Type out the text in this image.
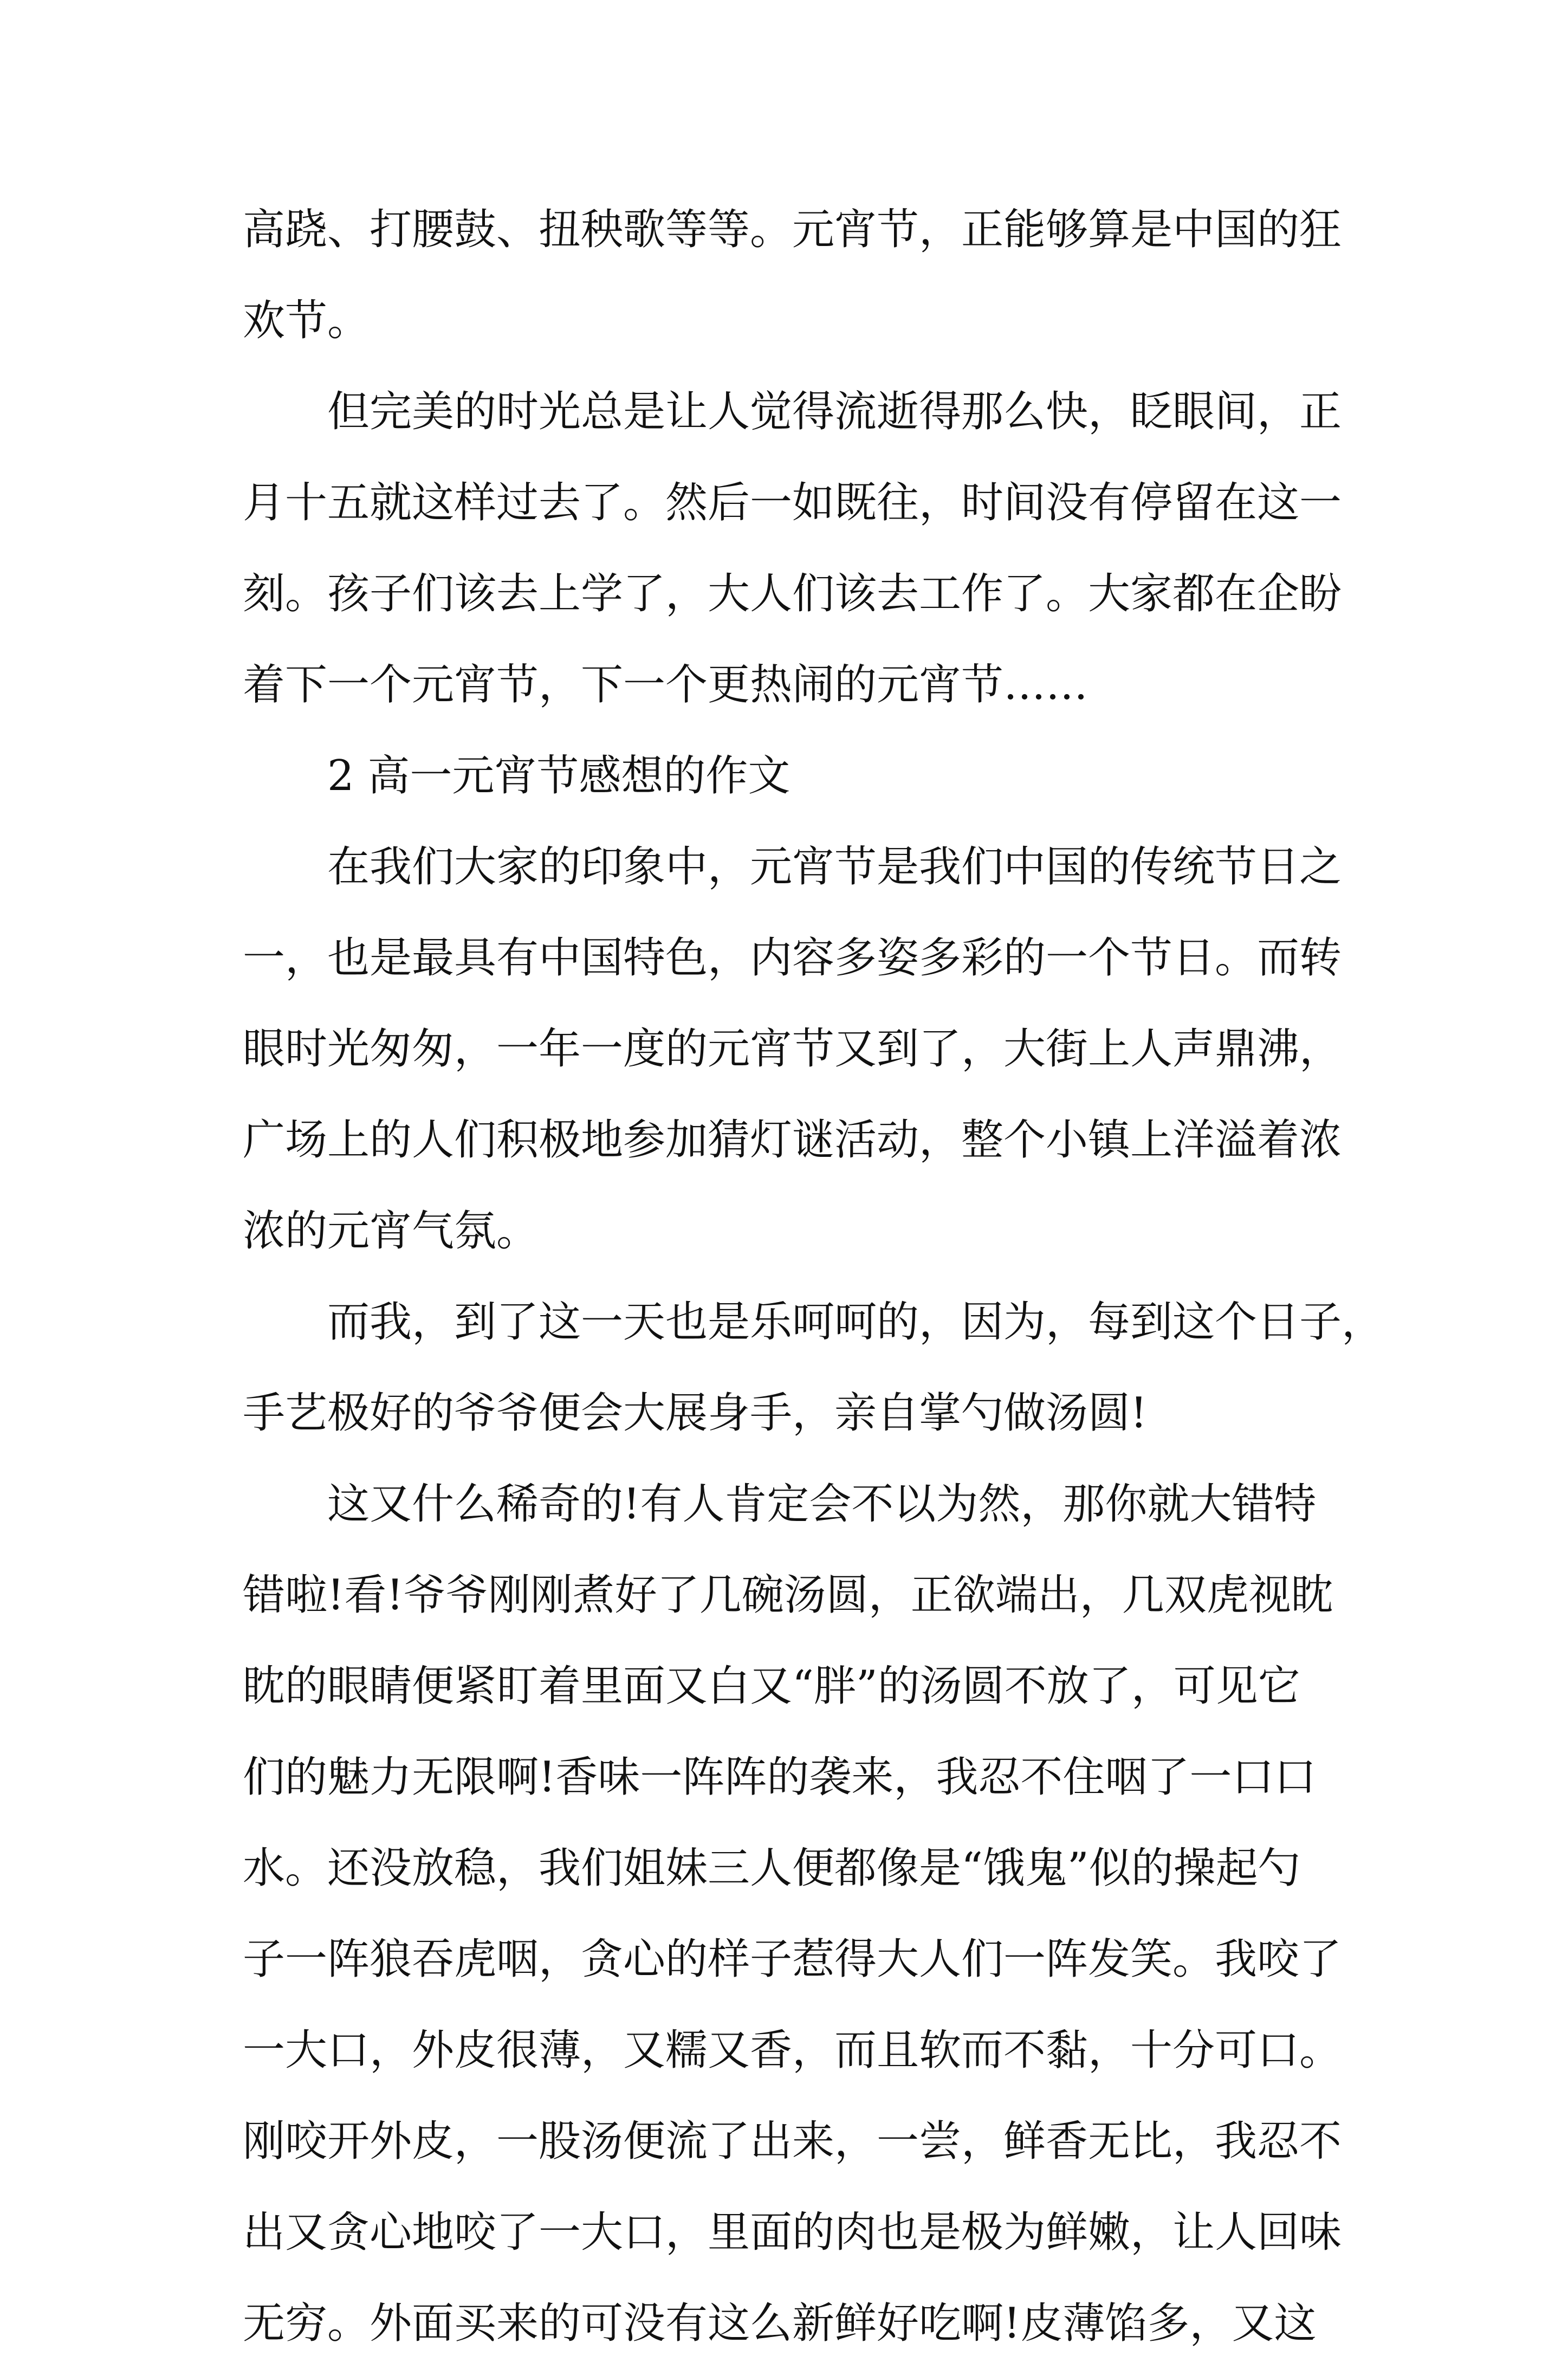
高跷、打腰鼓、扭秧歌等等。元宵节，正能够算是中国的狂
欢节。
但完美的时光总是让人觉得流逝得那么快，眨眼间，正
月十五就这样过去了。然后一如既往，时间没有停留在这一
刻。孩子们该去上学了，大人们该去工作了。大家都在企盼
着下一个元宵节，下一个更热闹的元宵节……
2 高一元宵节感想的作文
在我们大家的印象中，元宵节是我们中国的传统节日之
一，也是最具有中国特色，内容多姿多彩的一个节日。而转
眼时光匆匆，一年一度的元宵节又到了，大街上人声鼎沸，
广场上的人们积极地参加猜灯谜活动，整个小镇上洋溢着浓
浓的元宵气氛。
而我，到了这一天也是乐呵呵的，因为，每到这个日子，
手艺极好的爷爷便会大展身手，亲自掌勺做汤圆!
这又什么稀奇的!有人肯定会不以为然，那你就大错特
错啦!看!爷爷刚刚煮好了几碗汤圆，正欲端出，几双虎视眈
眈的眼睛便紧盯着里面又白又“胖”的汤圆不放了，可见它
们的魅力无限啊!香味一阵阵的袭来，我忍不住咽了一口口
水。还没放稳，我们姐妹三人便都像是“饿鬼”似的操起勺
子一阵狼吞虎咽，贪心的样子惹得大人们一阵发笑。我咬了
一大口，外皮很薄，又糯又香，而且软而不黏，十分可口。
刚咬开外皮，一股汤便流了出来，一尝，鲜香无比，我忍不
出又贪心地咬了一大口，里面的肉也是极为鲜嫩，让人回味
无穷。外面买来的可没有这么新鲜好吃啊!皮薄馅多，又这
